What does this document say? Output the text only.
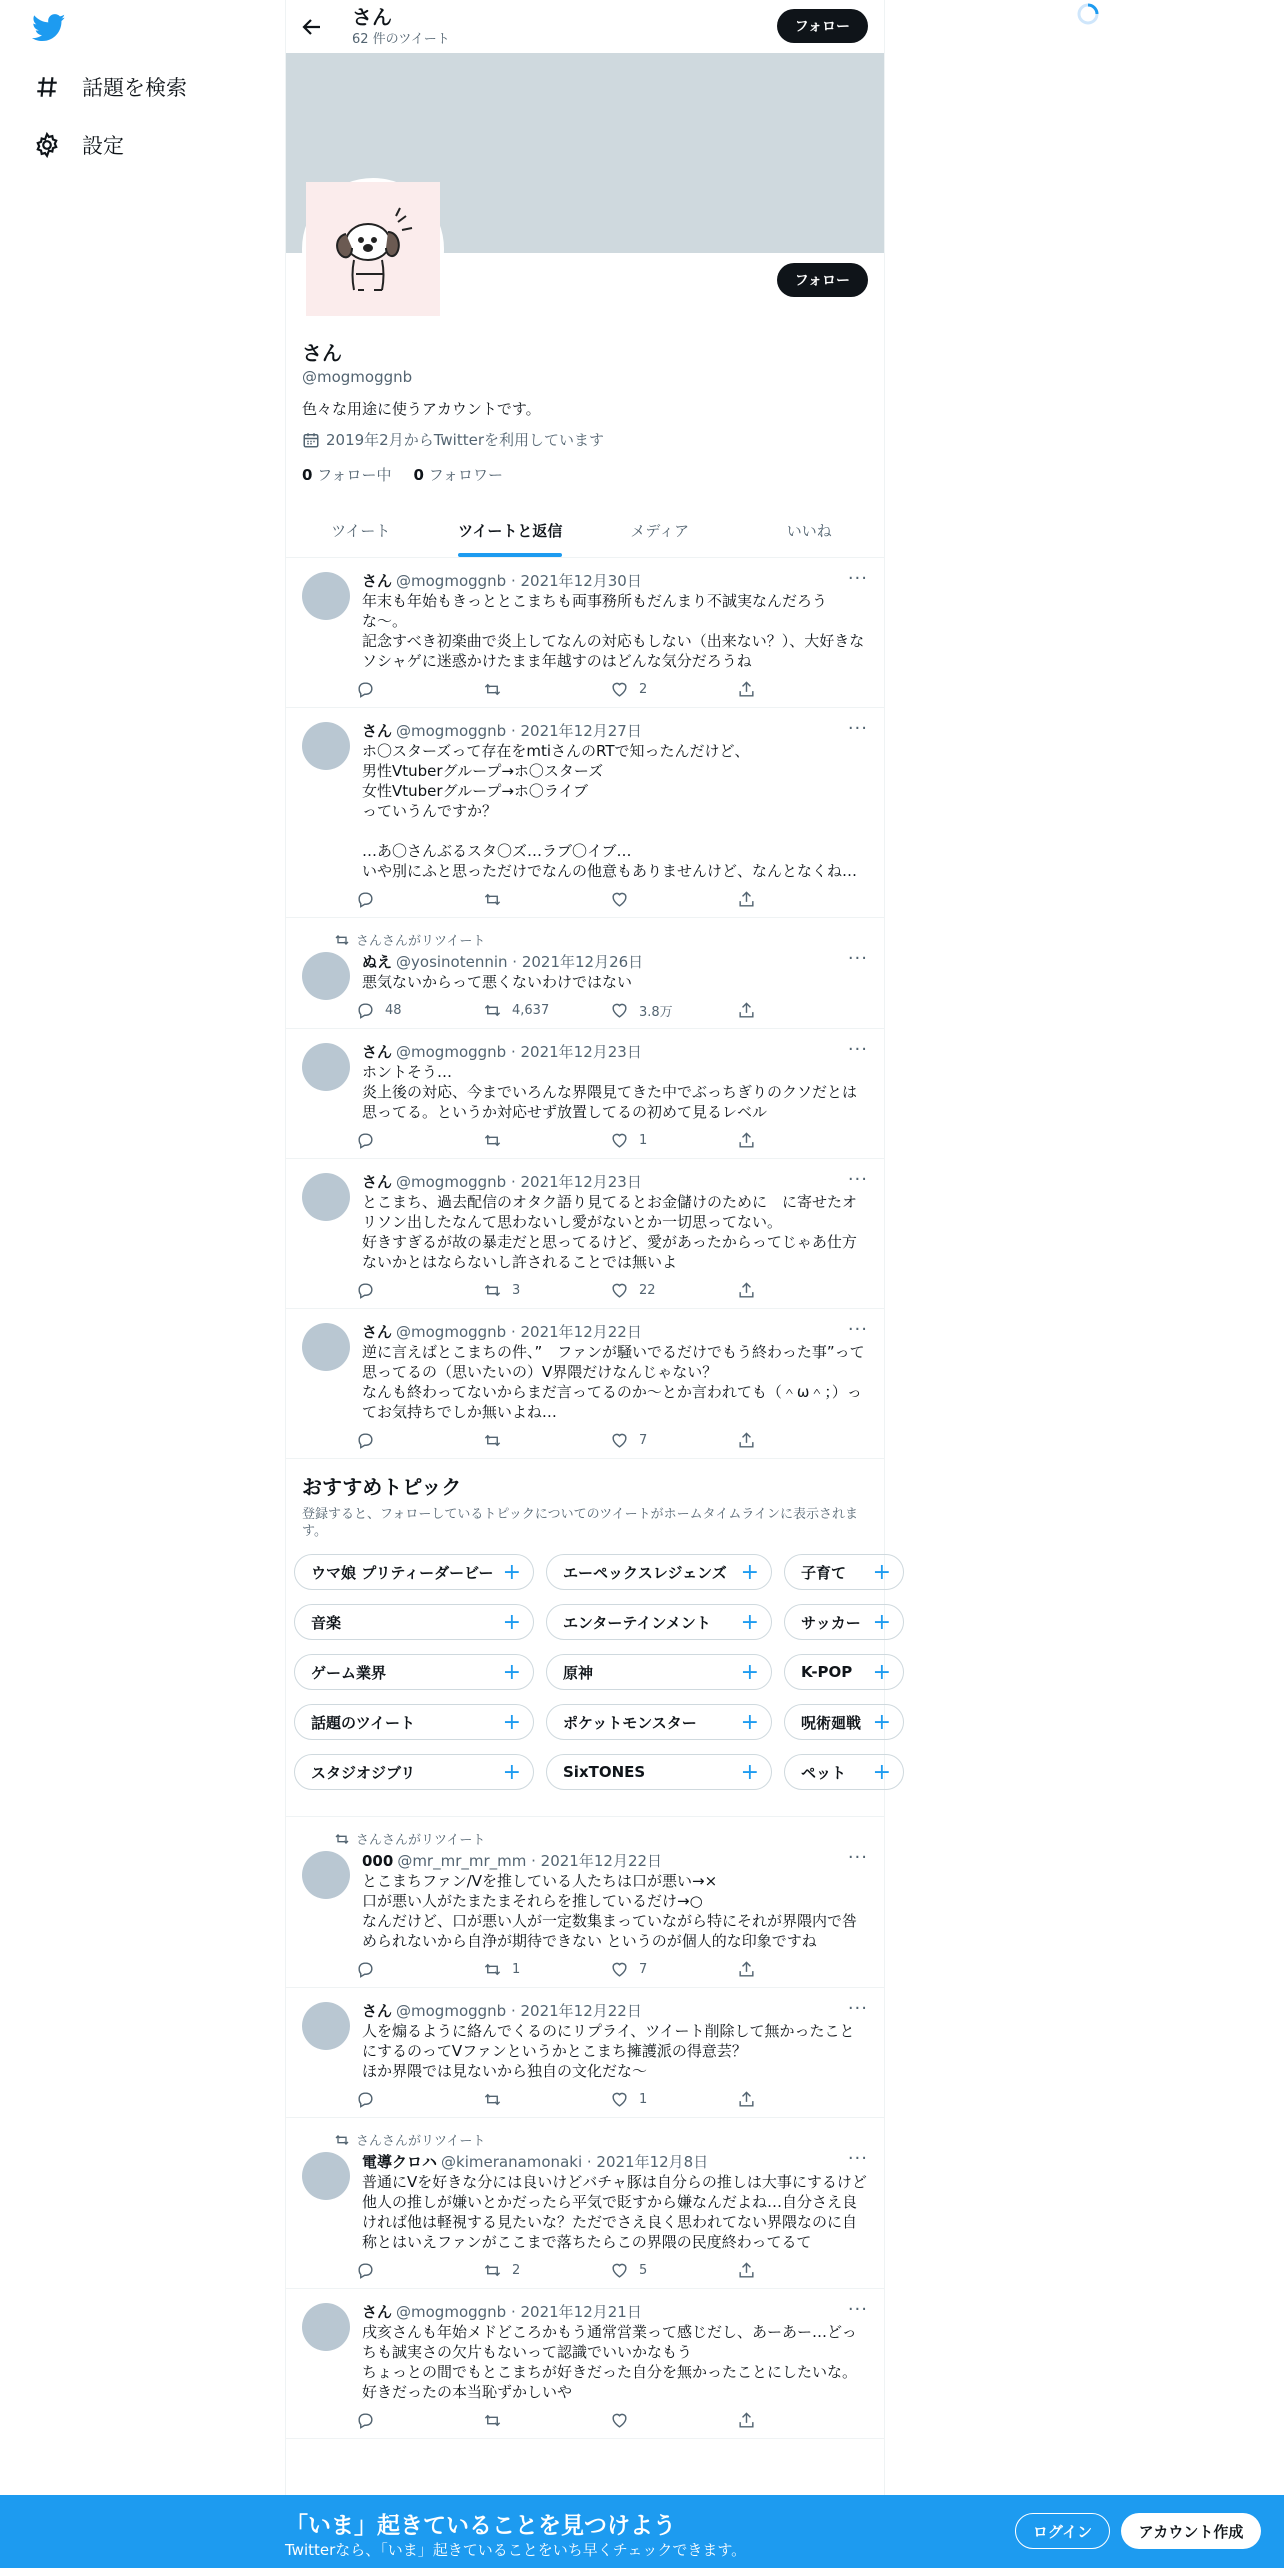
話題を検索
設定
さん
62 件のツイート
フォロー
フォロー
さん
@mogmoggnb
色々な用途に使うアカウントです。
2019年2月からTwitterを利用しています
0 フォロー中 0 フォロワー
ツイート	ツイートと返信	メディア	いいね
···
さん @mogmoggnb · 2021年12月30日
年末も年始もきっととこまちも両事務所もだんまり不誠実なんだろうな〜。
記念すべき初楽曲で炎上してなんの対応もしない（出来ない？）、大好きなソシャゲに迷惑かけたまま年越すのはどんな気分だろうね
2
···
さん @mogmoggnb · 2021年12月27日
ホ〇スターズって存在をmtiさんのRTで知ったんだけど、
男性Vtuberグループ→ホ〇スターズ
女性Vtuberグループ→ホ〇ライブ
っていうんですか？

…あ〇さんぶるスタ〇ズ…ラブ〇イブ…
いや別にふと思っただけでなんの他意もありませんけど、なんとなくね…
さんさんがリツイート
···
ぬえ @yosinotennin · 2021年12月26日
悪気ないからって悪くないわけではない
48	4,637	3.8万
···
さん @mogmoggnb · 2021年12月23日
ホントそう…
炎上後の対応、今までいろんな界隈見てきた中でぶっちぎりのクソだとは思ってる。というか対応せず放置してるの初めて見るレベル
1
···
さん @mogmoggnb · 2021年12月23日
とこまち、過去配信のオタク語り見てるとお金儲けのために　に寄せたオリソン出したなんて思わないし愛がないとか一切思ってない。
好きすぎるが故の暴走だと思ってるけど、愛があったからってじゃあ仕方ないかとはならないし許されることでは無いよ
3	22
···
さん @mogmoggnb · 2021年12月22日
逆に言えばとこまちの件、”　ファンが騒いでるだけでもう終わった事”って思ってるの（思いたいの）V界隈だけなんじゃない？
なんも終わってないからまだ言ってるのか〜とか言われても（＾ω＾；）ってお気持ちでしか無いよね…
7
おすすめトピック
登録すると、フォローしているトピックについてのツイートがホームタイムラインに表示されます。
ウマ娘 プリティーダービー +	エーペックスレジェンズ +	子育て +
音楽	+	エンターテインメント +	サッカー +
ゲーム業界	+	原神	+	K-POP +
話題のツイート	+	ポケットモンスター +	呪術廻戦 +
スタジオジブリ	+	SixTONES	+	ペット +
さんさんがリツイート
···
000 @mr_mr_mr_mm · 2021年12月22日
とこまちファン/Vを推している人たちは口が悪い→×
口が悪い人がたまたまそれらを推しているだけ→○
なんだけど、口が悪い人が一定数集まっていながら特にそれが界隈内で咎められないから自浄が期待できない というのが個人的な印象ですね
1	7
···
さん @mogmoggnb · 2021年12月22日
人を煽るように絡んでくるのにリプライ、ツイート削除して無かったことにするのってVファンというかとこまち擁護派の得意芸？
ほか界隈では見ないから独自の文化だな〜
1
さんさんがリツイート
···
電導クロハ @kimeranamonaki · 2021年12月8日
普通にVを好きな分には良いけどバチャ豚は自分らの推しは大事にするけど他人の推しが嫌いとかだったら平気で貶すから嫌なんだよね…自分さえ良ければ他は軽視する見たいな？ただでさえ良く思われてない界隈なのに自称とはいえファンがここまで落ちたらこの界隈の民度終わってるて
2	5
···
さん @mogmoggnb · 2021年12月21日
戌亥さんも年始メドどころかもう通常営業って感じだし、あーあー…どっちも誠実さの欠片もないって認識でいいかなもう
ちょっとの間でもとこまちが好きだった自分を無かったことにしたいな。好きだったの本当恥ずかしいや
「いま」起きていることを見つけよう
Twitterなら、「いま」起きていることをいち早くチェックできます。
ログイン	アカウント作成
